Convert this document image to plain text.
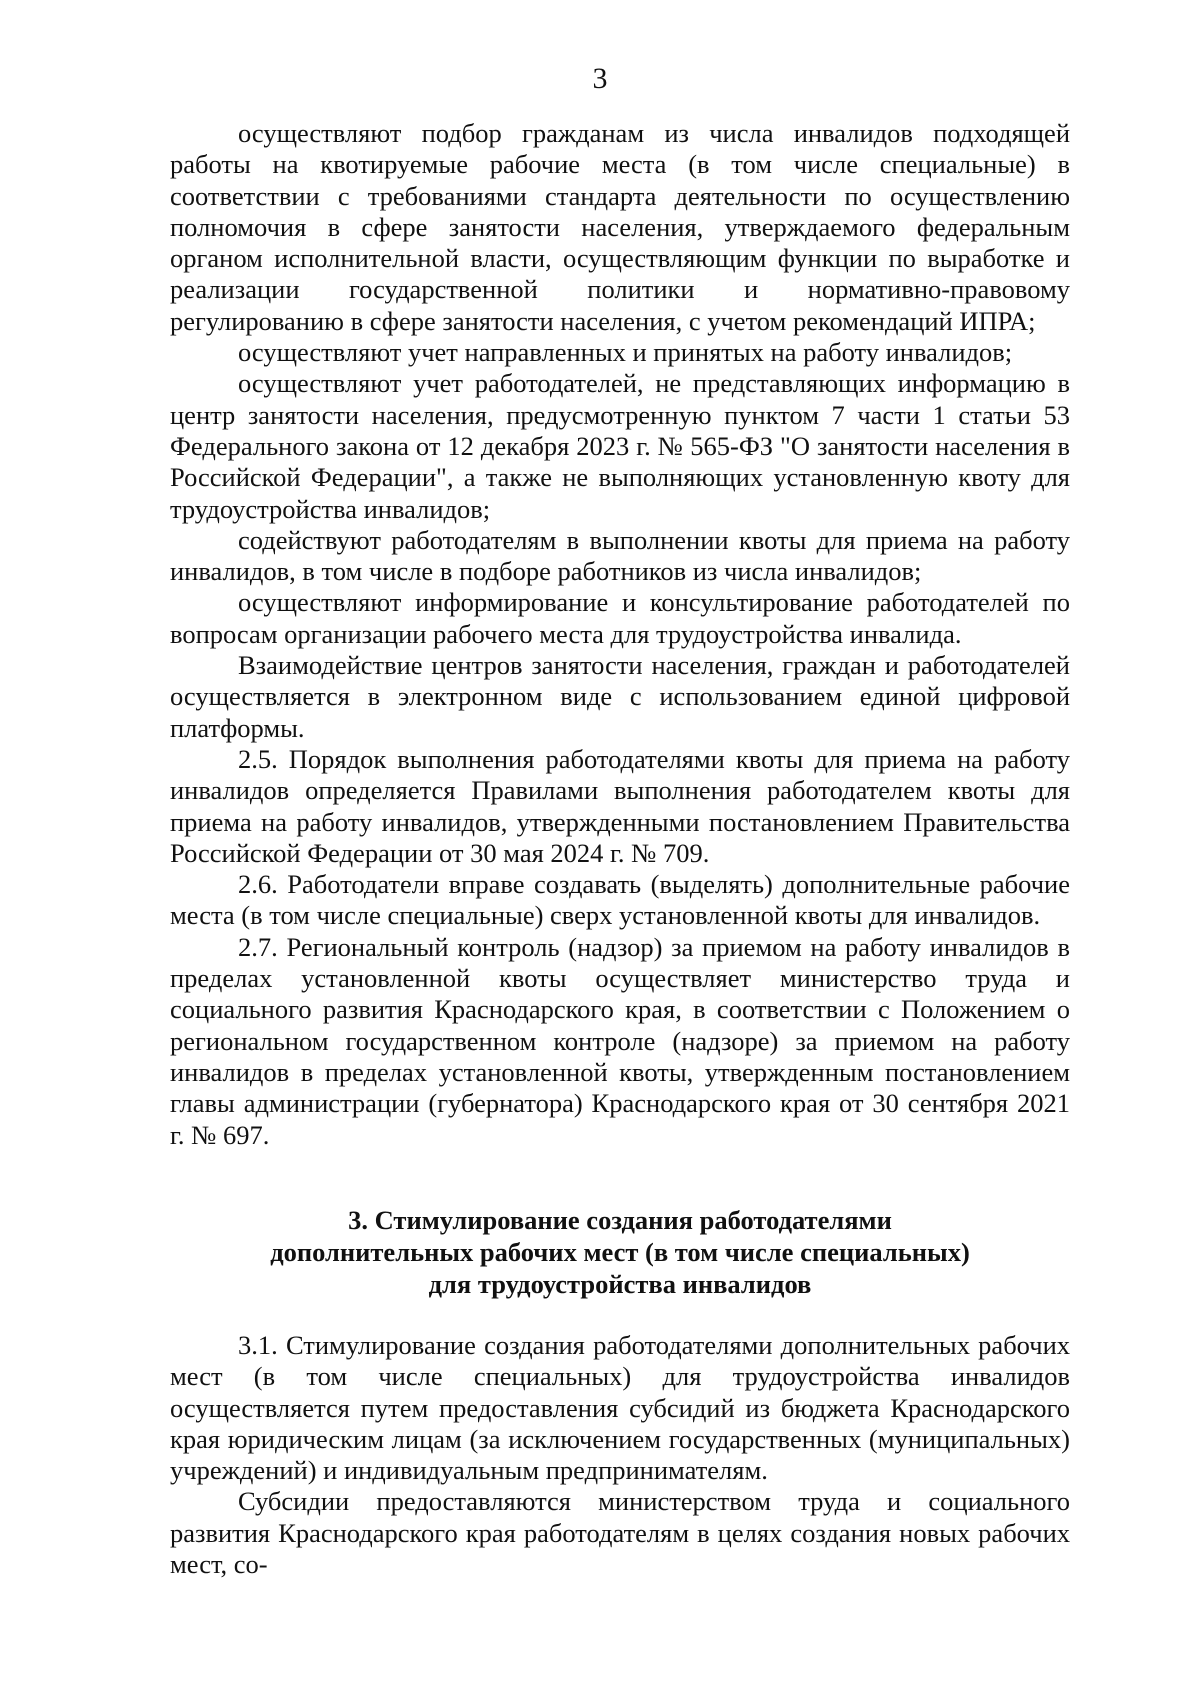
3

осуществляют подбор гражданам из числа инвалидов подходящей работы на квотируемые рабочие места (в том числе специальные) в соответствии с требованиями стандарта деятельности по осуществлению полномочия в сфере занятости населения, утверждаемого федеральным органом исполнительной власти, осуществляющим функции по выработке и реализации государственной политики и нормативно-правовому регулированию в сфере занятости населения, с учетом рекомендаций ИПРА;

осуществляют учет направленных и принятых на работу инвалидов;

осуществляют учет работодателей, не представляющих информацию в центр занятости населения, предусмотренную пунктом 7 части 1 статьи 53 Федерального закона от 12 декабря 2023 г. № 565-ФЗ "О занятости населения в Российской Федерации", а также не выполняющих установленную квоту для трудоустройства инвалидов;

содействуют работодателям в выполнении квоты для приема на работу инвалидов, в том числе в подборе работников из числа инвалидов;

осуществляют информирование и консультирование работодателей по вопросам организации рабочего места для трудоустройства инвалида.

Взаимодействие центров занятости населения, граждан и работодателей осуществляется в электронном виде с использованием единой цифровой платформы.

2.5. Порядок выполнения работодателями квоты для приема на работу инвалидов определяется Правилами выполнения работодателем квоты для приема на работу инвалидов, утвержденными постановлением Правительства Российской Федерации от 30 мая 2024 г. № 709.

2.6. Работодатели вправе создавать (выделять) дополнительные рабочие места (в том числе специальные) сверх установленной квоты для инвалидов.

2.7. Региональный контроль (надзор) за приемом на работу инвалидов в пределах установленной квоты осуществляет министерство труда и социального развития Краснодарского края, в соответствии с Положением о региональном государственном контроле (надзоре) за приемом на работу инвалидов в пределах установленной квоты, утвержденным постановлением главы администрации (губернатора) Краснодарского края от 30 сентября 2021 г. № 697.

3. Стимулирование создания работодателями
дополнительных рабочих мест (в том числе специальных)
для трудоустройства инвалидов

3.1. Стимулирование создания работодателями дополнительных рабочих мест (в том числе специальных) для трудоустройства инвалидов осуществляется путем предоставления субсидий из бюджета Краснодарского края юридическим лицам (за исключением государственных (муниципальных) учреждений) и индивидуальным предпринимателям.

Субсидии предоставляются министерством труда и социального развития Краснодарского края работодателям в целях создания новых рабочих мест, со-
